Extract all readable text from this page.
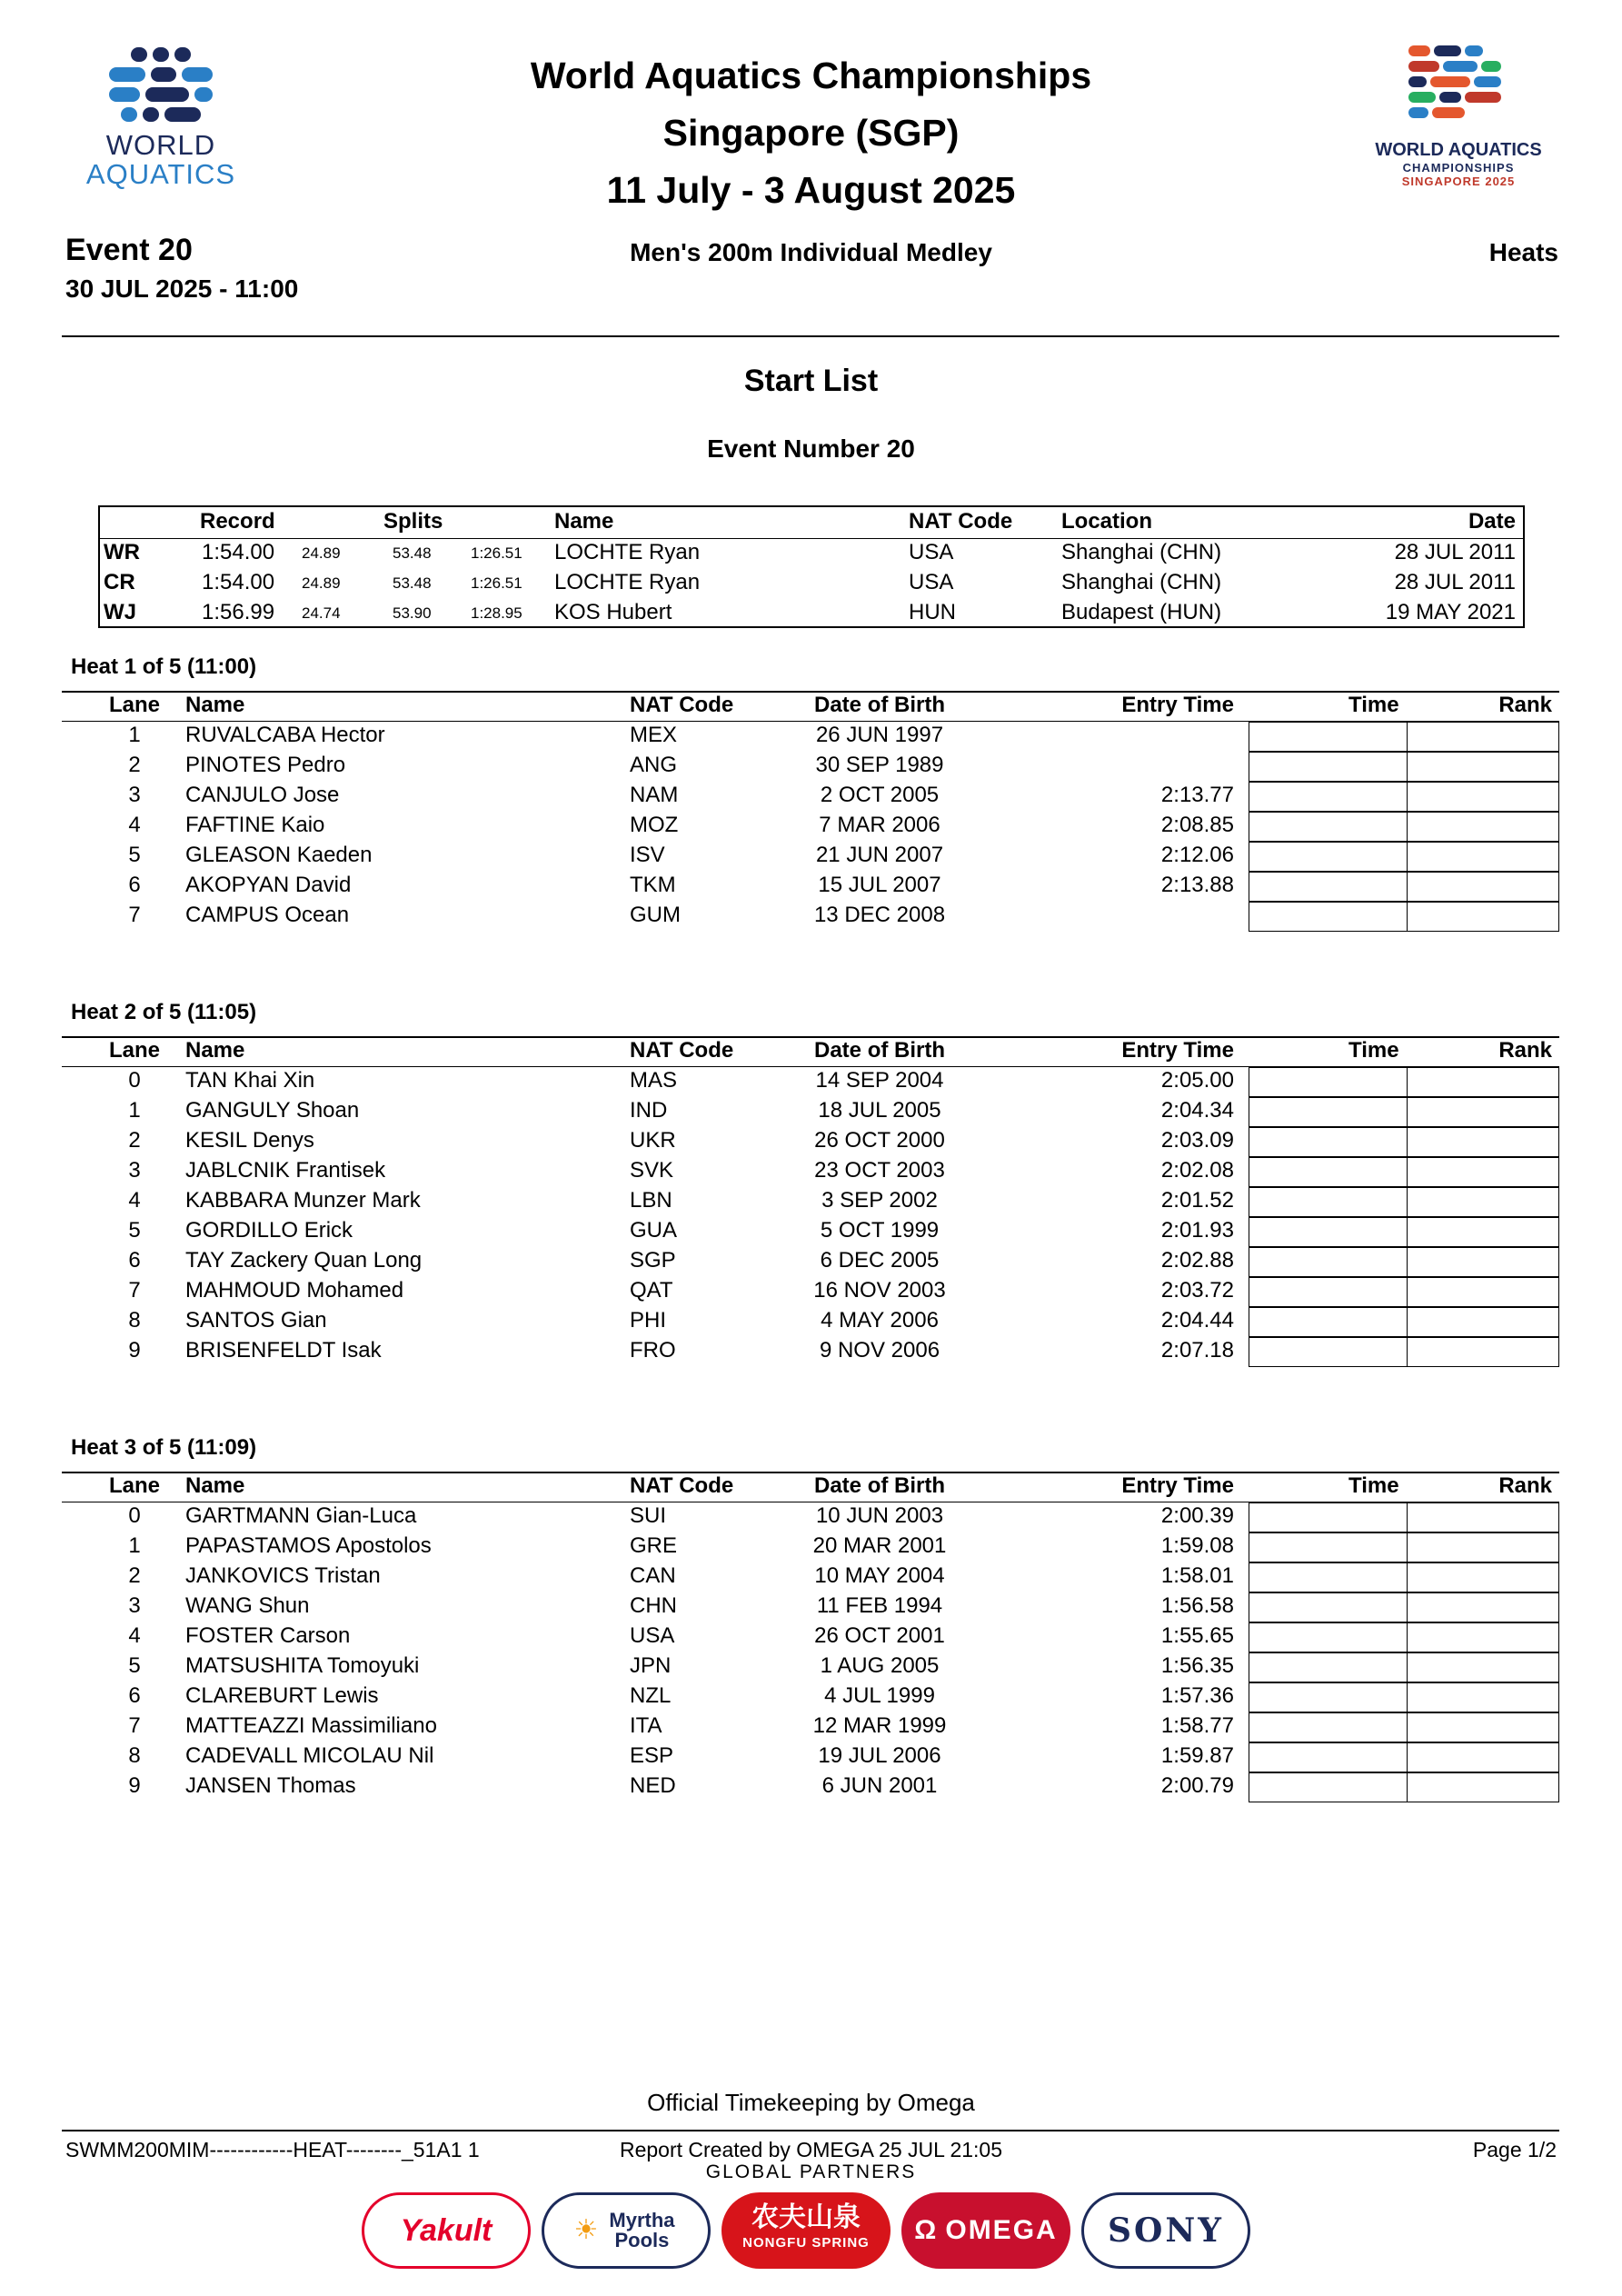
WORLD
AQUATICS
World Aquatics Championships
Singapore (SGP)
11 July - 3 August 2025
WORLD AQUATICS
CHAMPIONSHIPS
SINGAPORE 2025
Event 20
30 JUL 2025 - 11:00
Men's 200m Individual Medley	Heats
Start List
Event Number 20
Record	Splits	Name	NAT Code Location	Date
WR	1:54.00 24.89	53.48	1:26.51 LOCHTE Ryan	USA	Shanghai (CHN)	28 JUL 2011
CR	1:54.00 24.89	53.48	1:26.51 LOCHTE Ryan	USA	Shanghai (CHN)	28 JUL 2011
WJ	1:56.99 24.74	53.90	1:28.95 KOS Hubert	HUN	Budapest (HUN)	19 MAY 2021
Heat 1 of 5 (11:00)
Lane Name	NAT Code	Date of Birth	Entry Time	Time	Rank
1	RUVALCABA Hector	MEX	26 JUN 1997
2	PINOTES Pedro	ANG	30 SEP 1989
3	CANJULO Jose	NAM	2 OCT 2005	2:13.77
4	FAFTINE Kaio	MOZ	7 MAR 2006	2:08.85
5	GLEASON Kaeden	ISV	21 JUN 2007	2:12.06
6	AKOPYAN David	TKM	15 JUL 2007	2:13.88
7	CAMPUS Ocean	GUM	13 DEC 2008
Heat 2 of 5 (11:05)
Lane Name	NAT Code	Date of Birth	Entry Time	Time	Rank
0	TAN Khai Xin	MAS	14 SEP 2004	2:05.00
1	GANGULY Shoan	IND	18 JUL 2005	2:04.34
2	KESIL Denys	UKR	26 OCT 2000	2:03.09
3	JABLCNIK Frantisek	SVK	23 OCT 2003	2:02.08
4	KABBARA Munzer Mark	LBN	3 SEP 2002	2:01.52
5	GORDILLO Erick	GUA	5 OCT 1999	2:01.93
6	TAY Zackery Quan Long	SGP	6 DEC 2005	2:02.88
7	MAHMOUD Mohamed	QAT	16 NOV 2003	2:03.72
8	SANTOS Gian	PHI	4 MAY 2006	2:04.44
9	BRISENFELDT Isak	FRO	9 NOV 2006	2:07.18
Heat 3 of 5 (11:09)
Lane Name	NAT Code	Date of Birth	Entry Time	Time	Rank
0	GARTMANN Gian-Luca	SUI	10 JUN 2003	2:00.39
1	PAPASTAMOS Apostolos	GRE	20 MAR 2001	1:59.08
2	JANKOVICS Tristan	CAN	10 MAY 2004	1:58.01
3	WANG Shun	CHN	11 FEB 1994	1:56.58
4	FOSTER Carson	USA	26 OCT 2001	1:55.65
5	MATSUSHITA Tomoyuki	JPN	1 AUG 2005	1:56.35
6	CLAREBURT Lewis	NZL	4 JUL 1999	1:57.36
7	MATTEAZZI Massimiliano	ITA	12 MAR 1999	1:58.77
8	CADEVALL MICOLAU Nil	ESP	19 JUL 2006	1:59.87
9	JANSEN Thomas	NED	6 JUN 2001	2:00.79
Official Timekeeping by Omega
SWMM200MIM------------HEAT--------_51A1 1	Report Created by OMEGA 25 JUL 21:05	Page 1/2
GLOBAL PARTNERS
Yakult	☀ Myrtha Pools
农夫山泉
NONGFU SPRING Ω OMEGA SONY
